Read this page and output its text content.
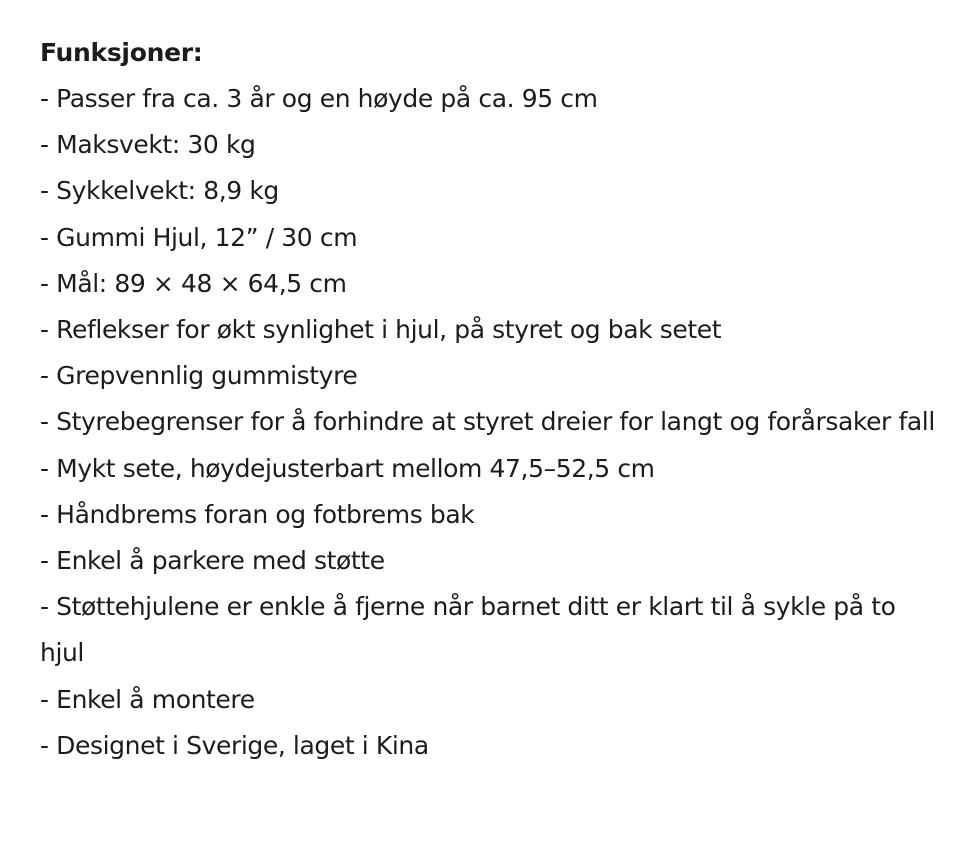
Funksjoner:
- Passer fra ca. 3 år og en høyde på ca. 95 cm
- Maksvekt: 30 kg
- Sykkelvekt: 8,9 kg
- Gummi Hjul, 12” / 30 cm
- Mål: 89 × 48 × 64,5 cm
- Reflekser for økt synlighet i hjul, på styret og bak setet
- Grepvennlig gummistyre
- Styrebegrenser for å forhindre at styret dreier for langt og forårsaker fall
- Mykt sete, høydejusterbart mellom 47,5–52,5 cm
- Håndbrems foran og fotbrems bak
- Enkel å parkere med støtte
- Støttehjulene er enkle å fjerne når barnet ditt er klart til å sykle på to hjul
- Enkel å montere
- Designet i Sverige, laget i Kina
